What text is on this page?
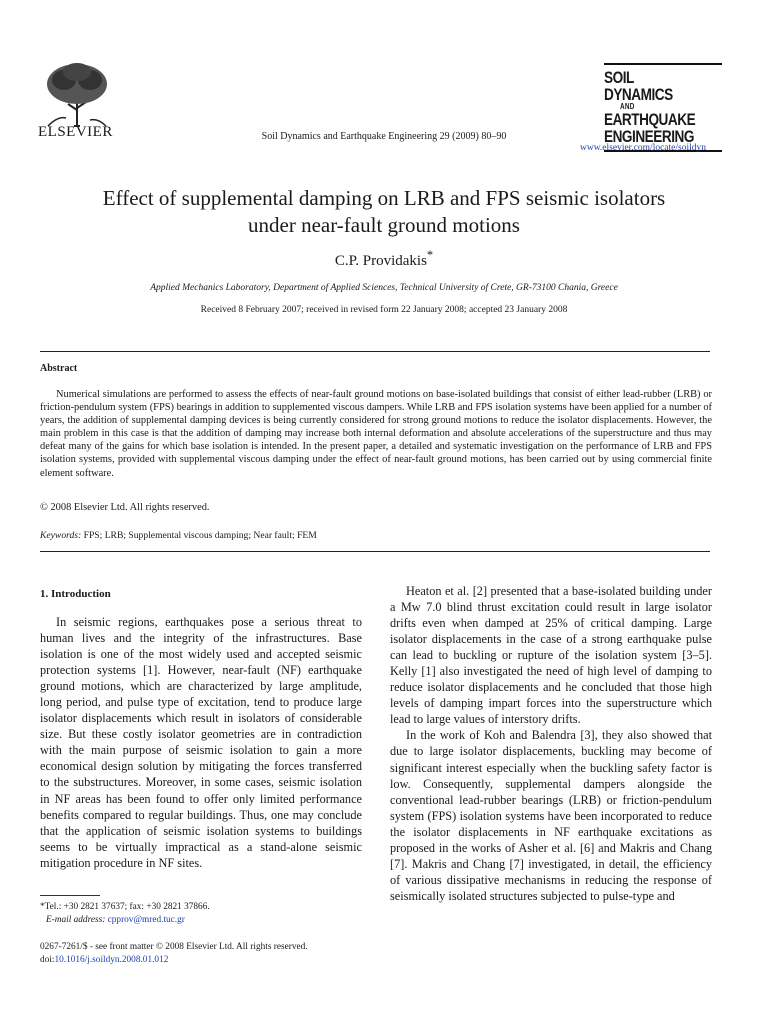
ELSEVIER	Soil Dynamics and Earthquake Engineering 29 (2009) 80–90
SOIL DYNAMICS
AND
EARTHQUAKE
ENGINEERING
www.elsevier.com/locate/soildyn
Effect of supplemental damping on LRB and FPS seismic isolators
under near-fault ground motions
C.P. Providakis*
Applied Mechanics Laboratory, Department of Applied Sciences, Technical University of Crete, GR-73100 Chania, Greece
Received 8 February 2007; received in revised form 22 January 2008; accepted 23 January 2008
Abstract
Numerical simulations are performed to assess the effects of near-fault ground motions on base-isolated buildings that consist of either lead-rubber (LRB) or friction-pendulum system (FPS) bearings in addition to supplemented viscous dampers. While LRB and FPS isolation systems have been applied for a number of years, the addition of supplemental damping devices is being currently considered for strong ground motions to reduce the isolator displacements. However, the main problem in this case is that the addition of damping may increase both internal deformation and absolute accelerations of the superstructure and thus may defeat many of the gains for which base isolation is intended. In the present paper, a detailed and systematic investigation on the performance of LRB and FPS isolation systems, provided with supplemental viscous damping under the effect of near-fault ground motions, has been carried out by using commercial finite element software.
© 2008 Elsevier Ltd. All rights reserved.
Keywords: FPS; LRB; Supplemental viscous damping; Near fault; FEM
1. Introduction

In seismic regions, earthquakes pose a serious threat to human lives and the integrity of the infrastructures. Base isolation is one of the most widely used and accepted seismic protection systems [1]. However, near-fault (NF) earthquake ground motions, which are characterized by large amplitude, long period, and pulse type of excitation, tend to produce large isolator displacements which result in isolators of considerable size. But these costly isolator geometries are in contradiction with the main purpose of seismic isolation to gain a more economical design solution by mitigating the forces transferred to the substructures. Moreover, in some cases, seismic isolation in NF areas has been found to offer only limited performance benefits compared to regular buildings. Thus, one may conclude that the application of seismic isolation systems to buildings seems to be virtually impractical as a stand-alone seismic mitigation procedure in NF sites.

Heaton et al. [2] presented that a base-isolated building under a Mw 7.0 blind thrust excitation could result in large isolator drifts even when damped at 25% of critical damping. Large isolator displacements in the case of a strong earthquake pulse can lead to buckling or rupture of the isolation system [3–5]. Kelly [1] also investigated the need of high level of damping to reduce isolator displacements and he concluded that those high levels of damping impart forces into the superstructure which lead to large values of interstory drifts.

In the work of Koh and Balendra [3], they also showed that due to large isolator displacements, buckling may become of significant interest especially when the buckling safety factor is low. Consequently, supplemental dampers alongside the conventional lead-rubber bearings (LRB) or friction-pendulum system (FPS) isolation systems have been incorporated to reduce the isolator displacements in NF earthquake excitations as proposed in the works of Asher et al. [6] and Makris and Chang [7]. Makris and Chang [7] investigated, in detail, the efficiency of various dissipative mechanisms in reducing the response of seismically isolated structures subjected to pulse-type and

*Tel.: +30 2821 37637; fax: +30 2821 37866.
E-mail address: cpprov@mred.tuc.gr
0267-7261/$ - see front matter © 2008 Elsevier Ltd. All rights reserved.
doi:10.1016/j.soildyn.2008.01.012
